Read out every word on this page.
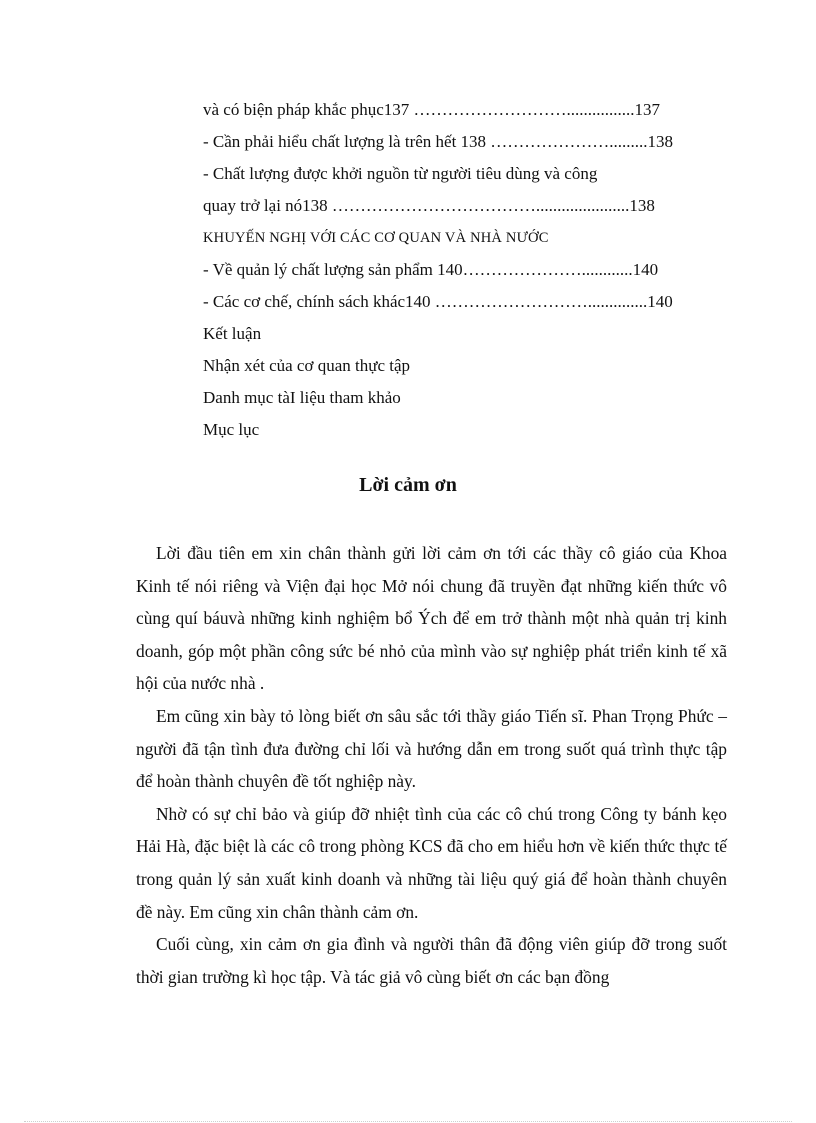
và có biện pháp khắc phục137 ………………………................137
- Cần phải hiểu chất lượng là trên hết 138 ………………….........138
- Chất lượng được khởi nguồn từ người tiêu dùng và công
quay trở lại nó138 ………………………………......................138
KHUYẾN NGHỊ VỚI CÁC CƠ QUAN VÀ NHÀ NƯỚC
- Về quản lý chất lượng sản phẩm 140…………………............140
- Các cơ chế, chính sách khác140 ………………………..............140
Kết luận
Nhận xét của cơ quan thực tập
Danh mục tàI liệu tham khảo
Mục lục
Lời cảm ơn

Lời đầu tiên em xin chân thành gửi lời cảm ơn tới các thầy cô giáo của Khoa Kinh tế nói riêng và Viện đại học Mở nói chung đã truyền đạt những kiến thức vô cùng quí báuvà những kinh nghiệm bổ Ých để em trở thành một nhà quản trị kinh doanh, góp một phần công sức bé nhỏ của mình vào sự nghiệp phát triển kinh tế xã hội của nước nhà .

Em cũng xin bày tỏ lòng biết ơn sâu sắc tới thầy giáo Tiến sĩ. Phan Trọng Phức – người đã tận tình đưa đường chỉ lối và hướng dẫn em trong suốt quá trình thực tập để hoàn thành chuyên đề tốt nghiệp này.

Nhờ có sự chỉ bảo và giúp đỡ nhiệt tình của các cô chú trong Công ty bánh kẹo Hải Hà, đặc biệt là các cô trong phòng KCS đã cho em hiểu hơn về kiến thức thực tế trong quản lý sản xuất kinh doanh và những tài liệu quý giá để hoàn thành chuyên đề này. Em cũng xin chân thành cảm ơn.

Cuối cùng, xin cảm ơn gia đình và người thân đã động viên giúp đỡ trong suốt thời gian trường kì học tập. Và tác giả vô cùng biết ơn các bạn đồng
